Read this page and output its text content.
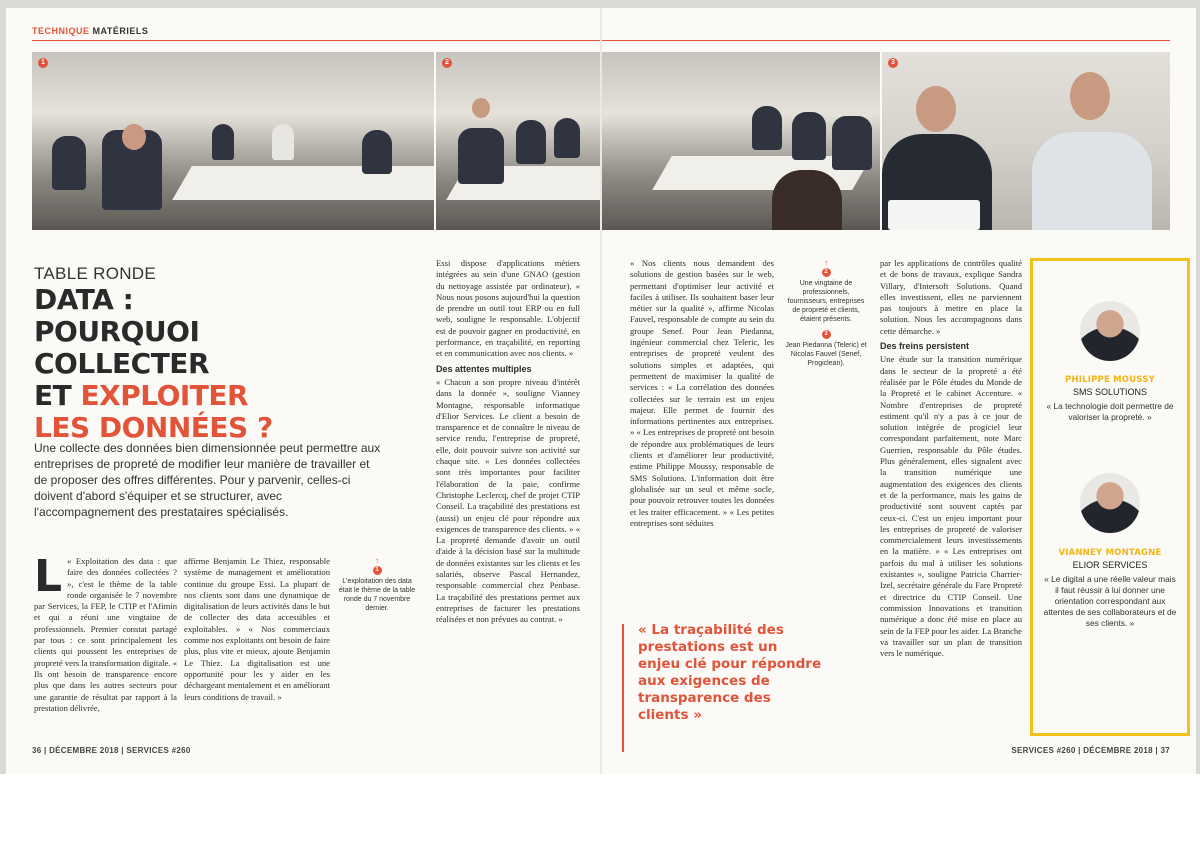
TECHNIQUE MATÉRIELS
1	2
TABLE RONDE
DATA : POURQUOI
COLLECTER
ET EXPLOITER
LES DONNÉES ?

Une collecte des données bien dimensionnée peut permettre aux entreprises de propreté de modifier leur manière de travailler et de proposer des offres différentes. Pour y parvenir, celles-ci doivent d'abord s'équiper et se structurer, avec l'accompagnement des prestataires spécialisés.

L « Exploitation des data : que faire des données collectées ? », c'est le thème de la table ronde organisée le 7 novembre par Services, la FEP, le CTIP et l'Afimin et qui a réuni une vingtaine de professionnels. Premier constat partagé par tous : ce sont principalement les clients qui poussent les entreprises de propreté vers la transformation digitale. « Ils ont besoin de transparence encore plus que dans les autres secteurs pour une garantie de résultat par rapport à la prestation délivrée,

affirme Benjamin Le Thiez, responsable système de management et amélioration continue du groupe Essi. La plupart de nos clients sont dans une dynamique de digitalisation de leurs activités dans le but de collecter des data accessibles et exploitables. » « Nos commerciaux comme nos exploitants ont besoin de faire plus, plus vite et mieux, ajoute Benjamin Le Thiez. La digitalisation est une opportunité pour les y aider en les déchargeant mentalement et en améliorant leurs conditions de travail. »

↑
1
L'exploitation des data était le thème de la table ronde du 7 novembre dernier.

Essi dispose d'applications métiers intégrées au sein d'une GNAO (gestion du nettoyage assistée par ordinateur). « Nous nous posons aujourd'hui la question de prendre un outil tout ERP ou en full web, souligne le responsable. L'objectif est de pouvoir gagner en productivité, en performance, en traçabilité, en reporting et en communication avec nos clients. »

Des attentes multiples

« Chacun a son propre niveau d'intérêt dans la donnée », souligne Vianney Montagne, responsable informatique d'Elior Services. Le client a besoin de transparence et de connaître le niveau de service rendu, l'entreprise de propreté, elle, doit pouvoir suivre son activité sur chaque site. « Les données collectées sont très importantes pour faciliter l'élaboration de la paie, confirme Christophe Leclercq, chef de projet CTIP Conseil. La traçabilité des prestations est (aussi) un enjeu clé pour répondre aux exigences de transparence des clients. » « La propreté demande d'avoir un outil d'aide à la décision basé sur la multitude de données existantes sur les clients et les salariés, observe Pascal Hernandez, responsable commercial chez Penbase. La traçabilité des prestations permet aux entreprises de facturer les prestations réalisées et non prévues au contrat. »

36 | DÉCEMBRE 2018 | SERVICES #260
3

« Nos clients nous demandent des solutions de gestion basées sur le web, permettant d'optimiser leur activité et faciles à utiliser. Ils souhaitent baser leur métier sur la qualité », affirme Nicolas Fauvel, responsable de compte au sein du groupe Senef. Pour Jean Piedanna, ingénieur commercial chez Teleric, les entreprises de propreté veulent des solutions simples et adaptées, qui permettent de maximiser la qualité de services : « La corrélation des données collectées sur le terrain est un enjeu majeur. Elle permet de fournir des informations pertinentes aux entreprises. » « Les entreprises de propreté ont besoin de répondre aux problématiques de leurs clients et d'améliorer leur productivité, estime Philippe Moussy, responsable de SMS Solutions. L'information doit être globalisée sur un seul et même socle, pour pouvoir retrouver toutes les données et les traiter efficacement. » « Les petites entreprises sont séduites

↑
2
Une vingtaine de professionnels, fournisseurs, entreprises de propreté et clients, étaient présents.
3
Jean Piedanna (Teleric) et Nicolas Fauvel (Senef, Progiclean).

« La traçabilité des prestations est un enjeu clé pour répondre aux exigences de transparence des clients »

par les applications de contrôles qualité et de bons de travaux, explique Sandra Villary, d'Intersoft Solutions. Quand elles investissent, elles ne parviennent pas toujours à mettre en place la solution. Nous les accompagnons dans cette démarche. »

Des freins persistent

Une étude sur la transition numérique dans le secteur de la propreté a été réalisée par le Pôle études du Monde de la Propreté et le cabinet Accenture. « Nombre d'entreprises de propreté estiment qu'il n'y a pas à ce jour de solution intégrée de progiciel leur correspondant parfaitement, note Marc Guerrien, responsable du Pôle études. Plus généralement, elles signalent avec la transition numérique une augmentation des exigences des clients et de la performance, mais les gains de productivité sont souvent captés par ceux-ci. C'est un enjeu important pour les entreprises de propreté de valoriser commercialement leurs investissements en la matière. » « Les entreprises ont parfois du mal à utiliser les solutions existantes », souligne Patricia Charrier-Izel, secrétaire générale du Fare Propreté et directrice du CTIP Conseil. Une commission Innovations et transition numérique a donc été mise en place au sein de la FEP pour les aider. La Branche va travailler sur un plan de transition vers le numérique.

PHILIPPE MOUSSY
SMS SOLUTIONS

« La technologie doit permettre de valoriser la propreté. »

VIANNEY MONTAGNE
ELIOR SERVICES

« Le digital a une réelle valeur mais il faut réussir à lui donner une orientation correspondant aux attentes de ses collaborateurs et de ses clients. »

SERVICES #260 | DÉCEMBRE 2018 | 37
